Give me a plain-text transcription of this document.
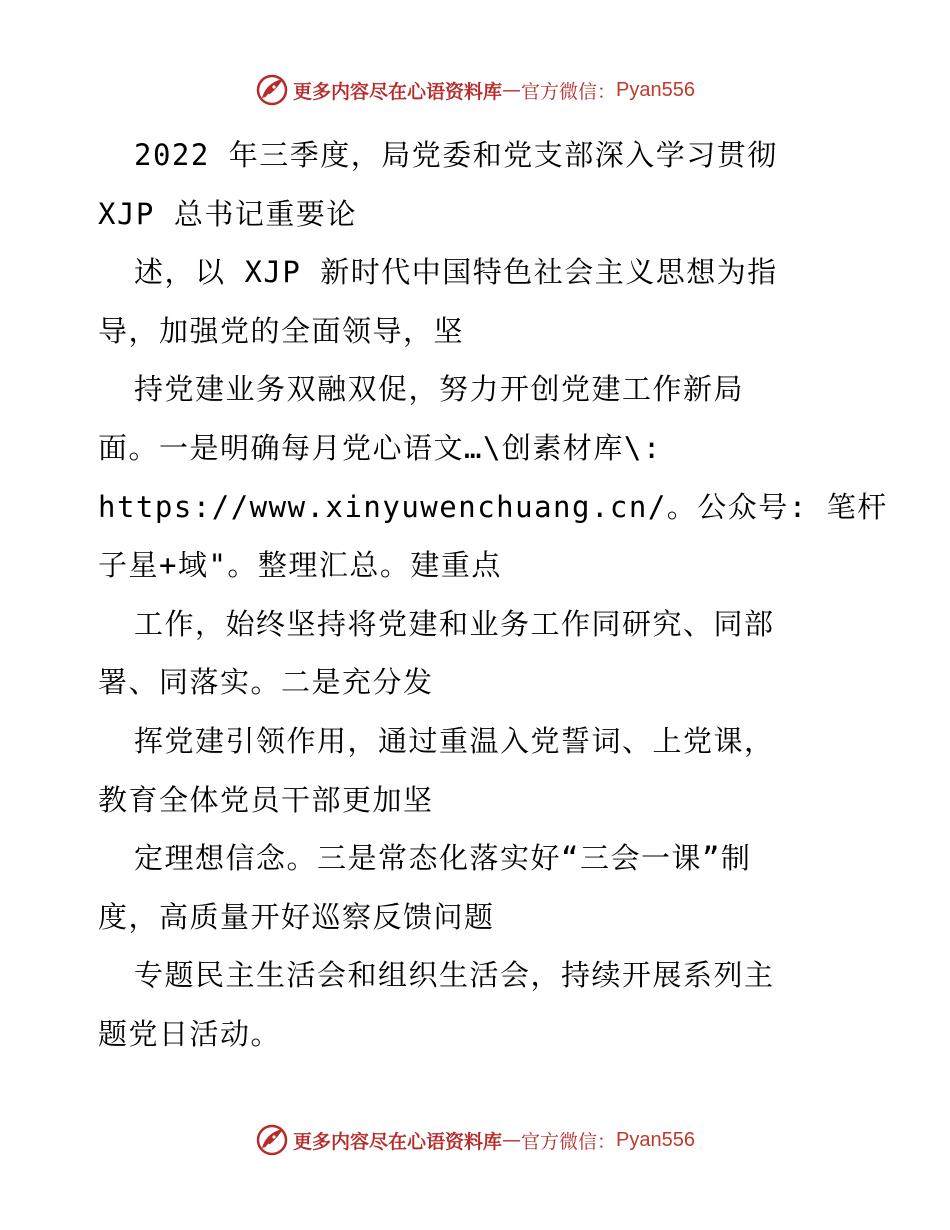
更多内容尽在心语资料库 — 官方微信： Pyan556

2022 年三季度，局党委和党支部深入学习贯彻

XJP 总书记重要论

述，以 XJP 新时代中国特色社会主义思想为指

导，加强党的全面领导，坚

持党建业务双融双促，努力开创党建工作新局

面。一是明确每月党心语文…\创素材库\:

https://www.xinyuwenchuang.cn/。公众号: 笔杆

子星+域"。整理汇总。建重点

工作，始终坚持将党建和业务工作同研究、同部

署、同落实。二是充分发

挥党建引领作用，通过重温入党誓词、上党课，

教育全体党员干部更加坚

定理想信念。三是常态化落实好“三会一课”制

度，高质量开好巡察反馈问题

专题民主生活会和组织生活会，持续开展系列主

题党日活动。

更多内容尽在心语资料库 — 官方微信： Pyan556
